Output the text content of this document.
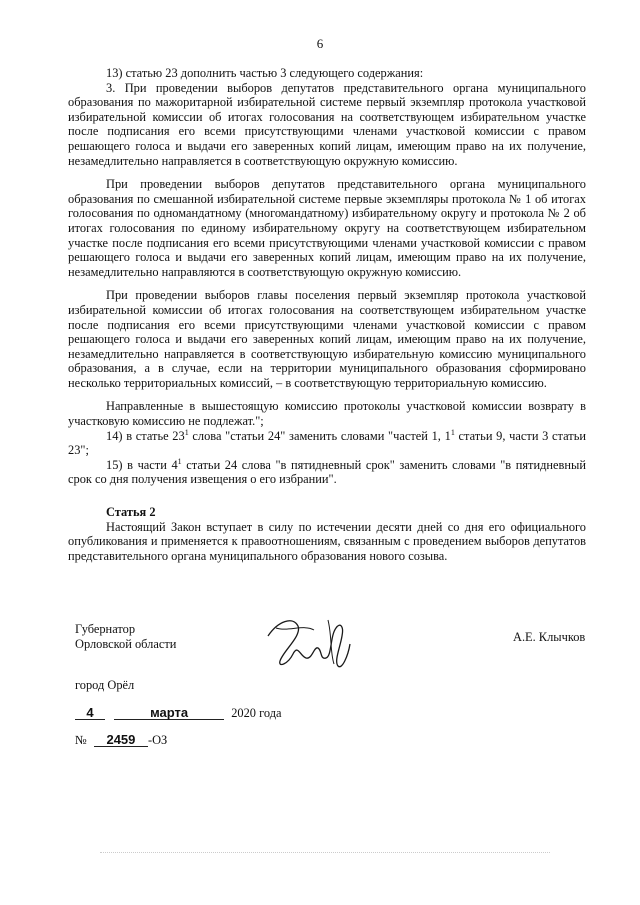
6

13) статью 23 дополнить частью 3 следующего содержания:

3. При проведении выборов депутатов представительного органа муниципального образования по мажоритарной избирательной системе первый экземпляр протокола участковой избирательной комиссии об итогах голосования на соответствующем избирательном участке после подписания его всеми присутствующими членами участковой комиссии с правом решающего голоса и выдачи его заверенных копий лицам, имеющим право на их получение, незамедлительно направляется в соответствующую окружную комиссию.

При проведении выборов депутатов представительного органа муниципального образования по смешанной избирательной системе первые экземпляры протокола № 1 об итогах голосования по одномандатному (многомандатному) избирательному округу и протокола № 2 об итогах голосования по единому избирательному округу на соответствующем избирательном участке после подписания его всеми присутствующими членами участковой комиссии с правом решающего голоса и выдачи его заверенных копий лицам, имеющим право на их получение, незамедлительно направляются в соответствующую окружную комиссию.

При проведении выборов главы поселения первый экземпляр протокола участковой избирательной комиссии об итогах голосования на соответствующем избирательном участке после подписания его всеми присутствующими членами участковой комиссии с правом решающего голоса и выдачи его заверенных копий лицам, имеющим право на их получение, незамедлительно направляется в соответствующую избирательную комиссию муниципального образования, а в случае, если на территории муниципального образования сформировано несколько территориальных комиссий, – в соответствующую территориальную комиссию.

Направленные в вышестоящую комиссию протоколы участковой комиссии возврату в участковую комиссию не подлежат.";

14) в статье $23^1$ слова "статьи 24" заменить словами "частей 1, $1^1$ статьи 9, части 3 статьи 23";

15) в части $4^1$ статьи 24 слова "в пятидневный срок" заменить словами "в пятидневный срок со дня получения извещения о его избрании".

Статья 2

Настоящий Закон вступает в силу по истечении десяти дней со дня его официального опубликования и применяется к правоотношениям, связанным с проведением выборов депутатов представительного органа муниципального образования нового созыва.

Губернатор
Орловской области	А.Е. Клычков
город Орёл
4	марта	2020 года
№ 2459 -ОЗ
